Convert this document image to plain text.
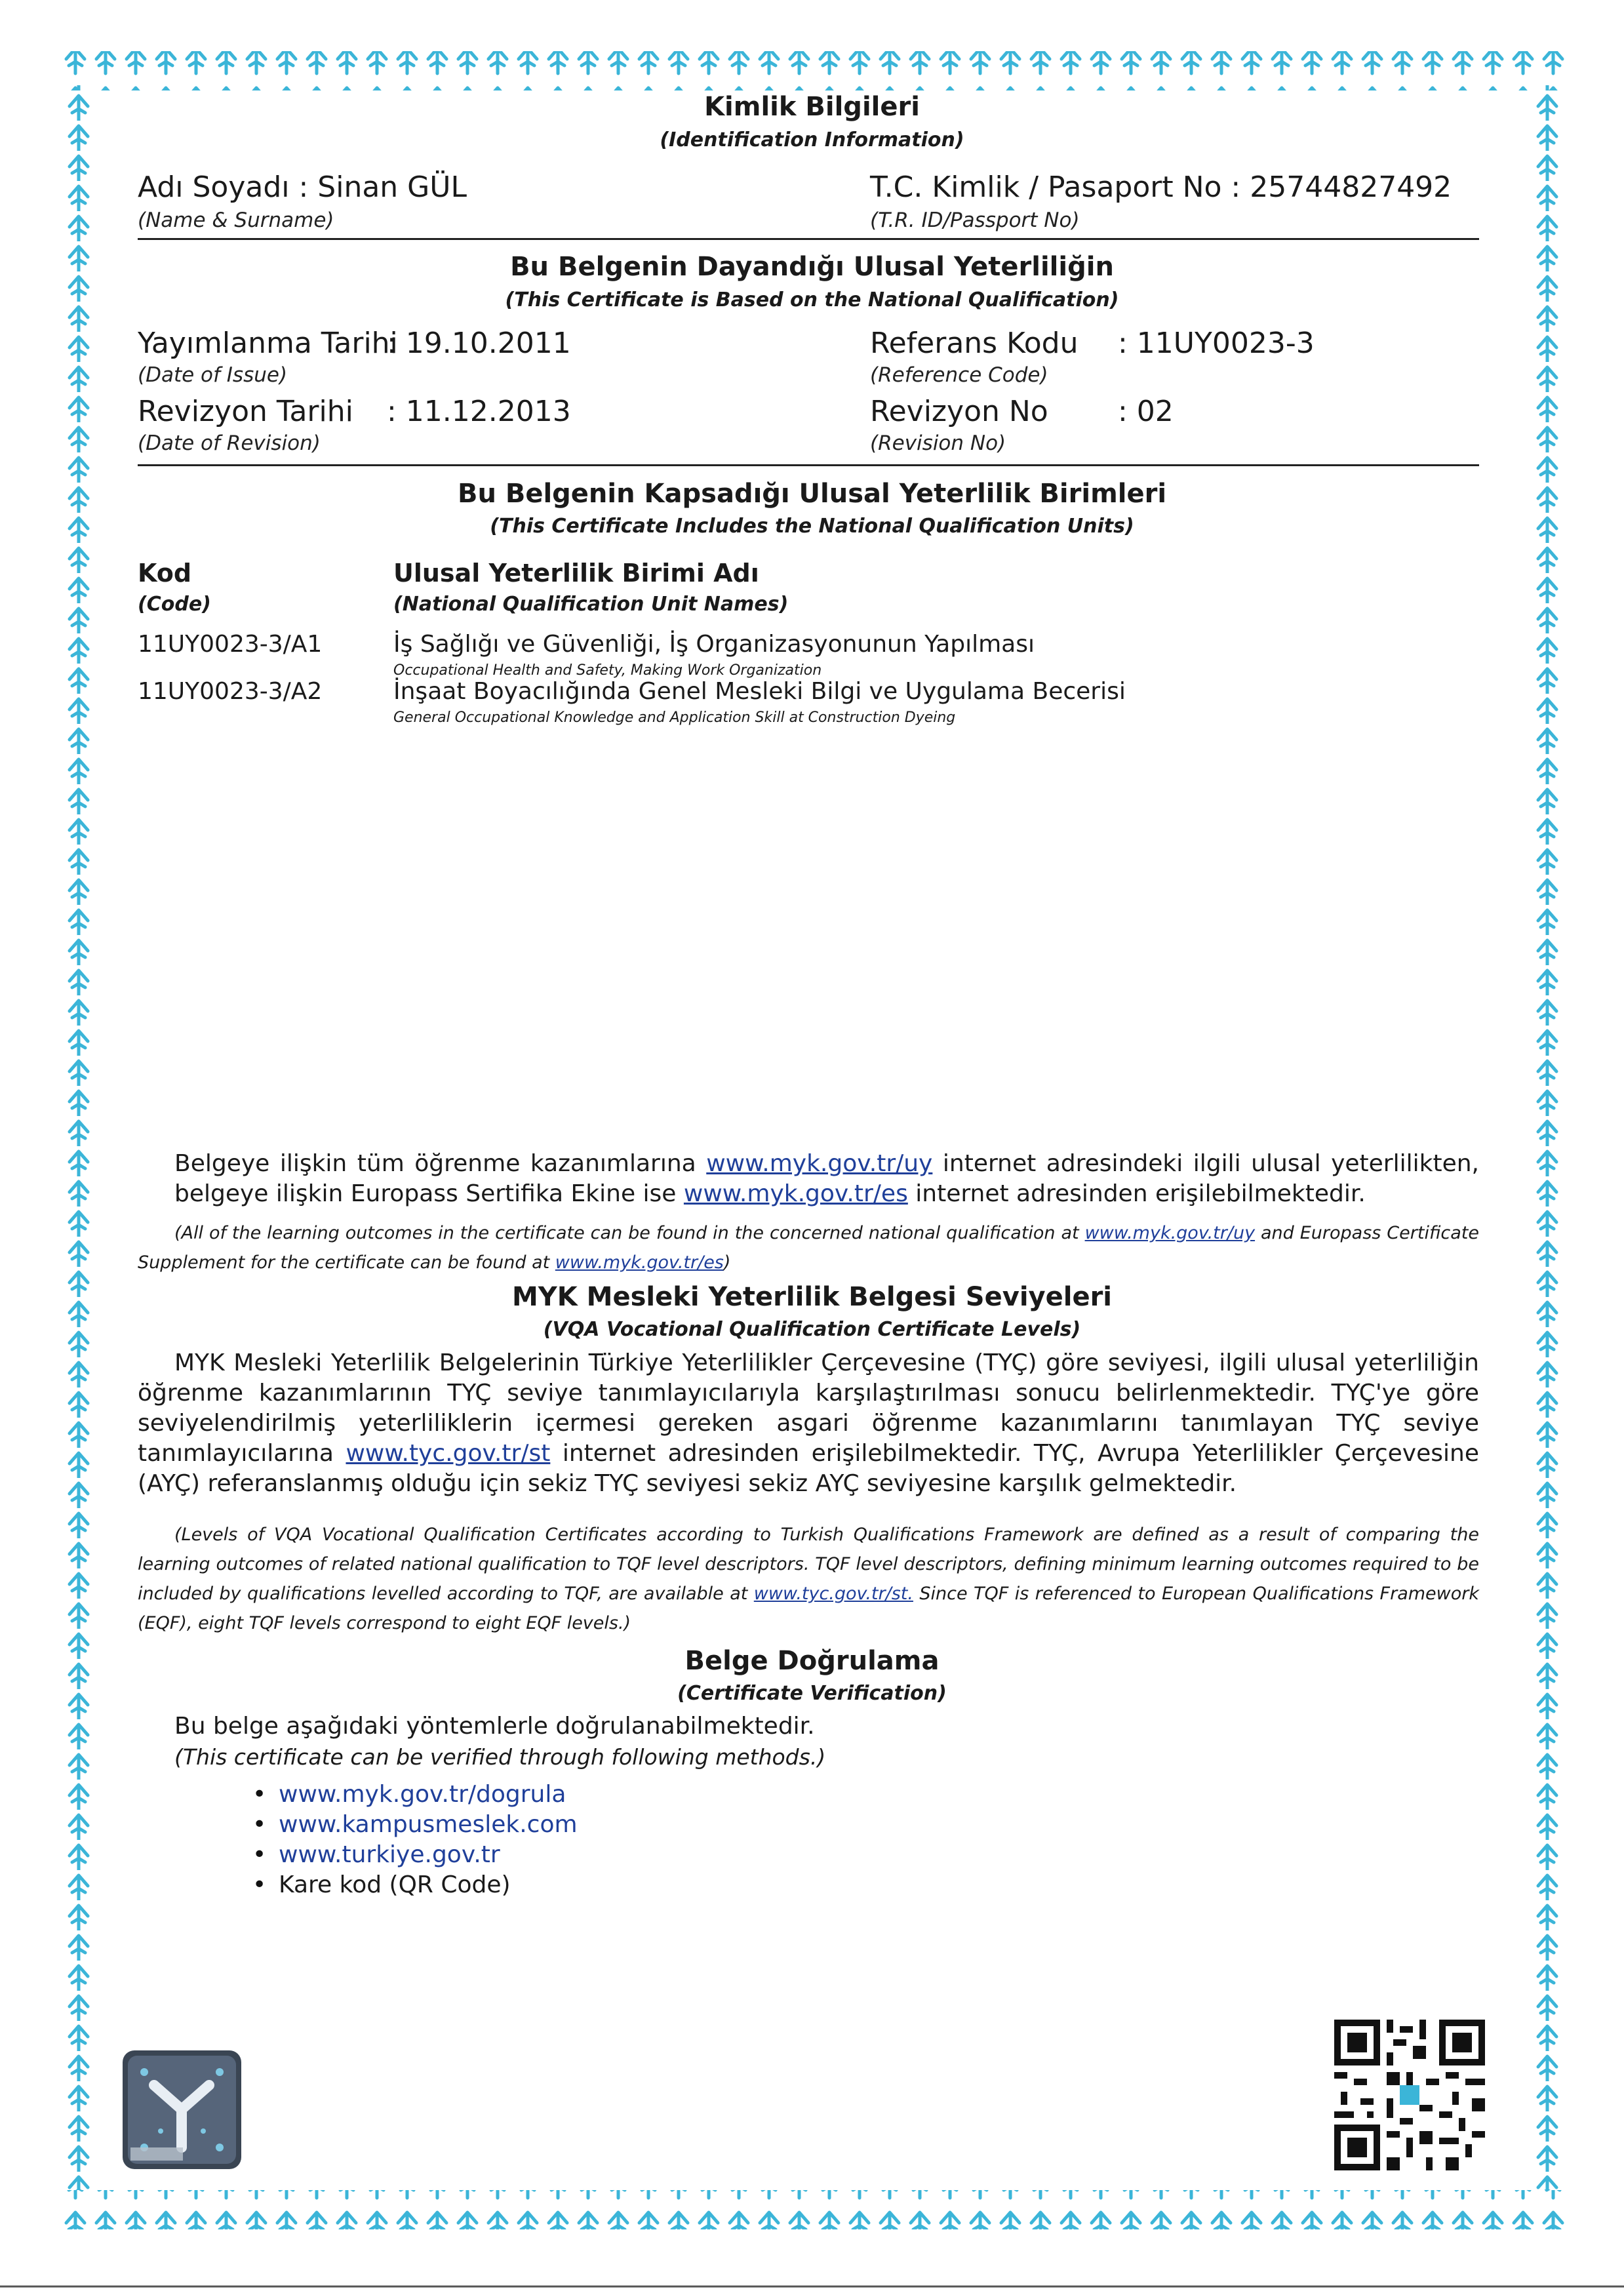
Kimlik Bilgileri
(Identification Information)
Adı Soyadı : Sinan GÜL
(Name & Surname)
T.C. Kimlik / Pasaport No : 25744827492
(T.R. ID/Passport No)
Bu Belgenin Dayandığı Ulusal Yeterliliğin
(This Certificate is Based on the National Qualification)
Yayımlanma Tarihi
: 19.10.2011
(Date of Issue)
Revizyon Tarihi : 11.12.2013
(Date of Revision)
Referans Kodu : 11UY0023-3
(Reference Code)
Revizyon No : 02
(Revision No)
Bu Belgenin Kapsadığı Ulusal Yeterlilik Birimleri
(This Certificate Includes the National Qualification Units)
Kod
(Code)
Ulusal Yeterlilik Birimi Adı
(National Qualification Unit Names)
11UY0023-3/A1	İş Sağlığı ve Güvenliği, İş Organizasyonunun Yapılması
Occupational Health and Safety, Making Work Organization
11UY0023-3/A2	İnşaat Boyacılığında Genel Mesleki Bilgi ve Uygulama Becerisi
General Occupational Knowledge and Application Skill at Construction Dyeing
Belgeye ilişkin tüm öğrenme kazanımlarına www.myk.gov.tr/uy internet adresindeki ilgili ulusal yeterlilikten, belgeye ilişkin Europass Sertifika Ekine ise www.myk.gov.tr/es internet adresinden erişilebilmektedir.
(All of the learning outcomes in the certificate can be found in the concerned national qualification at www.myk.gov.tr/uy and Europass Certificate Supplement for the certificate can be found at www.myk.gov.tr/es)
MYK Mesleki Yeterlilik Belgesi Seviyeleri
(VQA Vocational Qualification Certificate Levels)
MYK Mesleki Yeterlilik Belgelerinin Türkiye Yeterlilikler Çerçevesine (TYÇ) göre seviyesi, ilgili ulusal yeterliliğin öğrenme kazanımlarının TYÇ seviye tanımlayıcılarıyla karşılaştırılması sonucu belirlenmektedir. TYÇ'ye göre seviyelendirilmiş yeterliliklerin içermesi gereken asgari öğrenme kazanımlarını tanımlayan TYÇ seviye tanımlayıcılarına www.tyc.gov.tr/st internet adresinden erişilebilmektedir. TYÇ, Avrupa Yeterlilikler Çerçevesine (AYÇ) referanslanmış olduğu için sekiz TYÇ seviyesi sekiz AYÇ seviyesine karşılık gelmektedir.
(Levels of VQA Vocational Qualification Certificates according to Turkish Qualifications Framework are defined as a result of comparing the learning outcomes of related national qualification to TQF level descriptors. TQF level descriptors, defining minimum learning outcomes required to be included by qualifications levelled according to TQF, are available at www.tyc.gov.tr/st. Since TQF is referenced to European Qualifications Framework (EQF), eight TQF levels correspond to eight EQF levels.)
Belge Doğrulama
(Certificate Verification)
Bu belge aşağıdaki yöntemlerle doğrulanabilmektedir.
(This certificate can be verified through following methods.)
• www.myk.gov.tr/dogrula
• www.kampusmeslek.com
• www.turkiye.gov.tr
• Kare kod (QR Code)
